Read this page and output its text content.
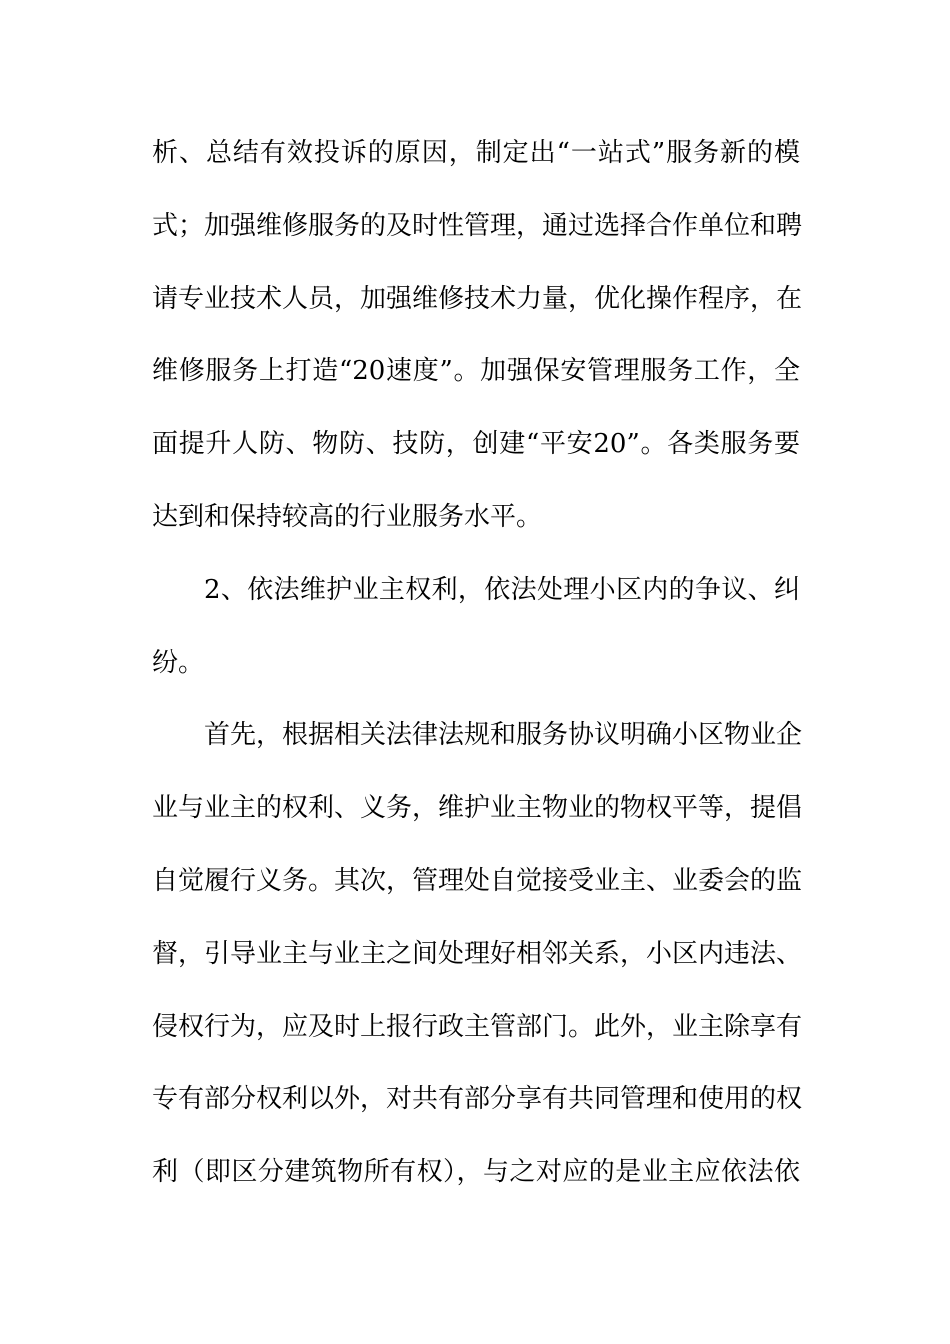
析、总结有效投诉的原因，制定出“一站式”服务新的模

式；加强维修服务的及时性管理，通过选择合作单位和聘

请专业技术人员，加强维修技术力量，优化操作程序，在

维修服务上打造“20速度”。加强保安管理服务工作，全

面提升人防、物防、技防，创建“平安20”。各类服务要

达到和保持较高的行业服务水平。

2、依法维护业主权利，依法处理小区内的争议、纠

纷。

首先，根据相关法律法规和服务协议明确小区物业企

业与业主的权利、义务，维护业主物业的物权平等，提倡

自觉履行义务。其次，管理处自觉接受业主、业委会的监

督，引导业主与业主之间处理好相邻关系，小区内违法、

侵权行为，应及时上报行政主管部门。此外，业主除享有

专有部分权利以外，对共有部分享有共同管理和使用的权

利（即区分建筑物所有权），与之对应的是业主应依法依
